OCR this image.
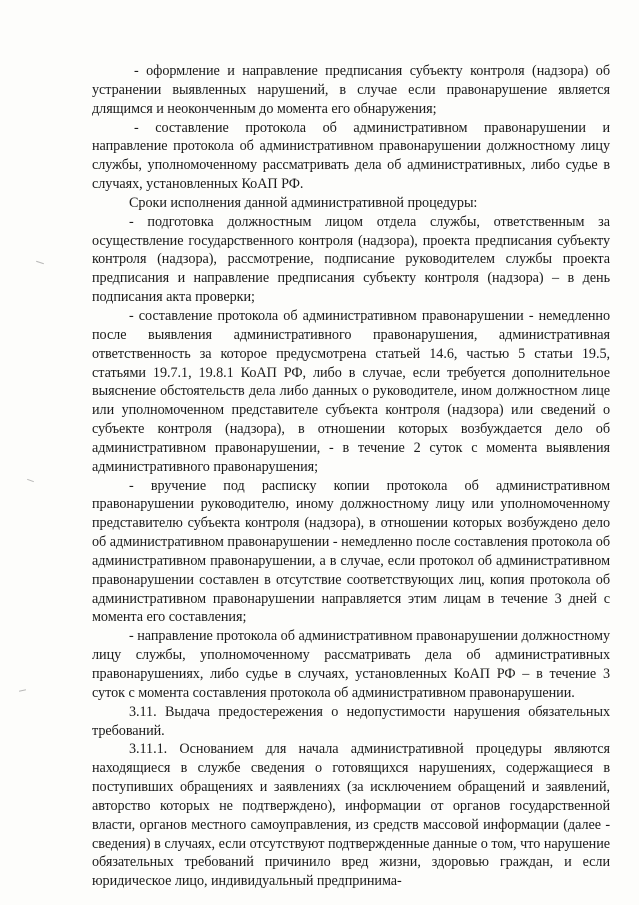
- оформление и направление предписания субъекту контроля (надзора) об устранении выявленных нарушений, в случае если правонарушение является длящимся и неоконченным до момента его обнаружения;

- составление протокола об административном правонарушении и направление протокола об административном правонарушении должностному лицу службы, уполномоченному рассматривать дела об административных, либо судье в случаях, установленных КоАП РФ.

Сроки исполнения данной административной процедуры:

- подготовка должностным лицом отдела службы, ответственным за осуществление государственного контроля (надзора), проекта предписания субъекту контроля (надзора), рассмотрение, подписание руководителем службы проекта предписания и направление предписания субъекту контроля (надзора) – в день подписания акта проверки;

- составление протокола об административном правонарушении - немедленно после выявления административного правонарушения, административная ответственность за которое предусмотрена статьей 14.6, частью 5 статьи 19.5, статьями 19.7.1, 19.8.1 КоАП РФ, либо в случае, если требуется дополнительное выяснение обстоятельств дела либо данных о руководителе, ином должностном лице или уполномоченном представителе субъекта контроля (надзора) или сведений о субъекте контроля (надзора), в отношении которых возбуждается дело об административном правонарушении, - в течение 2 суток с момента выявления административного правонарушения;

- вручение под расписку копии протокола об административном правонарушении руководителю, иному должностному лицу или уполномоченному представителю субъекта контроля (надзора), в отношении которых возбуждено дело об административном правонарушении - немедленно после составления протокола об административном правонарушении, а в случае, если протокол об административном правонарушении составлен в отсутствие соответствующих лиц, копия протокола об административном правонарушении направляется этим лицам в течение 3 дней с момента его составления;

- направление протокола об административном правонарушении должностному лицу службы, уполномоченному рассматривать дела об административных правонарушениях, либо судье в случаях, установленных КоАП РФ – в течение 3 суток с момента составления протокола об административном правонарушении.

3.11. Выдача предостережения о недопустимости нарушения обязательных требований.

3.11.1. Основанием для начала административной процедуры являются находящиеся в службе сведения о готовящихся нарушениях, содержащиеся в поступивших обращениях и заявлениях (за исключением обращений и заявлений, авторство которых не подтверждено), информации от органов государственной власти, органов местного самоуправления, из средств массовой информации (далее - сведения) в случаях, если отсутствуют подтвержденные данные о том, что нарушение обязательных требований причинило вред жизни, здоровью граждан, и если юридическое лицо, индивидуальный предпринима-
